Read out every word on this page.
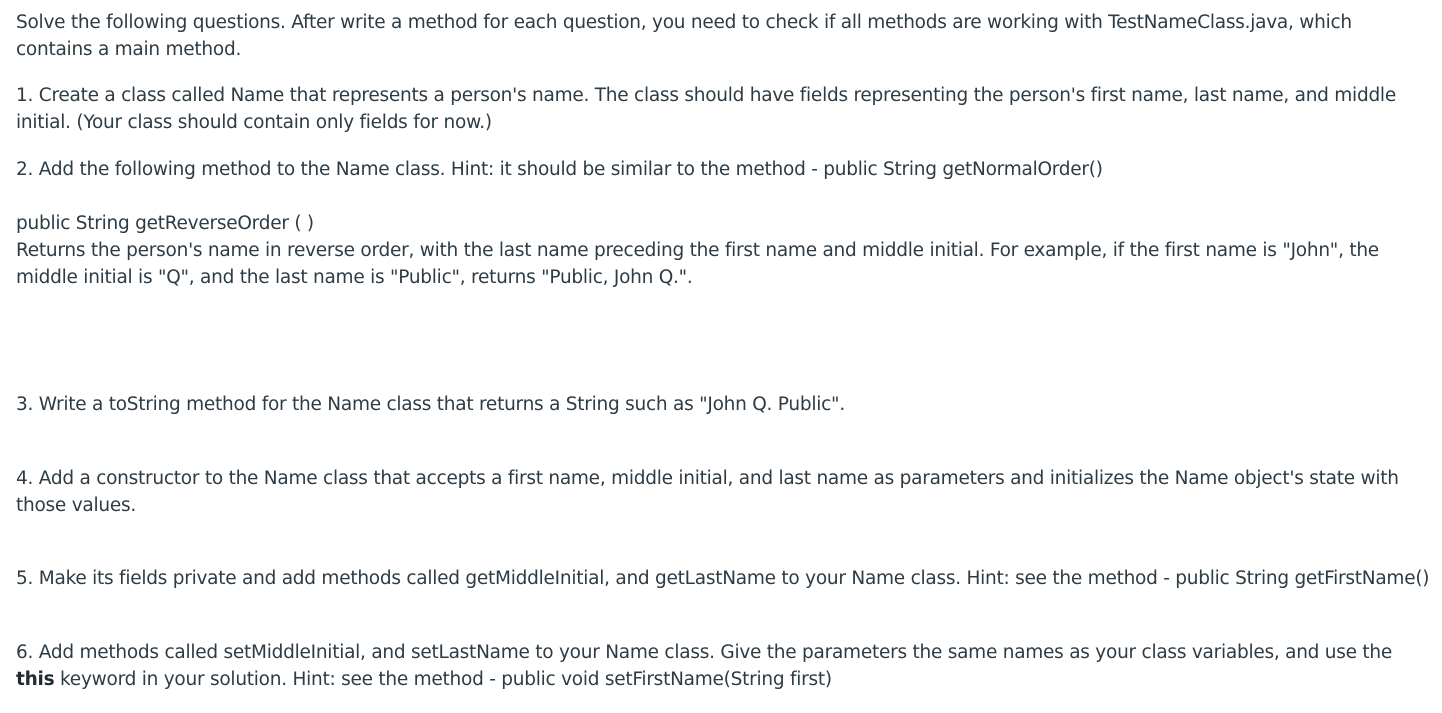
Solve the following questions. After write a method for each question, you need to check if all methods are working with TestNameClass.java, which
contains a main method.
1. Create a class called Name that represents a person's name. The class should have fields representing the person's first name, last name, and middle
initial. (Your class should contain only fields for now.)
2. Add the following method to the Name class. Hint: it should be similar to the method - public String getNormalOrder()
public String getReverseOrder ( )
Returns the person's name in reverse order, with the last name preceding the first name and middle initial. For example, if the first name is "John", the
middle initial is "Q", and the last name is "Public", returns "Public, John Q.".
3. Write a toString method for the Name class that returns a String such as "John Q. Public".
4. Add a constructor to the Name class that accepts a first name, middle initial, and last name as parameters and initializes the Name object's state with
those values.
5. Make its fields private and add methods called getMiddleInitial, and getLastName to your Name class. Hint: see the method - public String getFirstName()
6. Add methods called setMiddleInitial, and setLastName to your Name class. Give the parameters the same names as your class variables, and use the
this keyword in your solution. Hint: see the method - public void setFirstName(String first)
